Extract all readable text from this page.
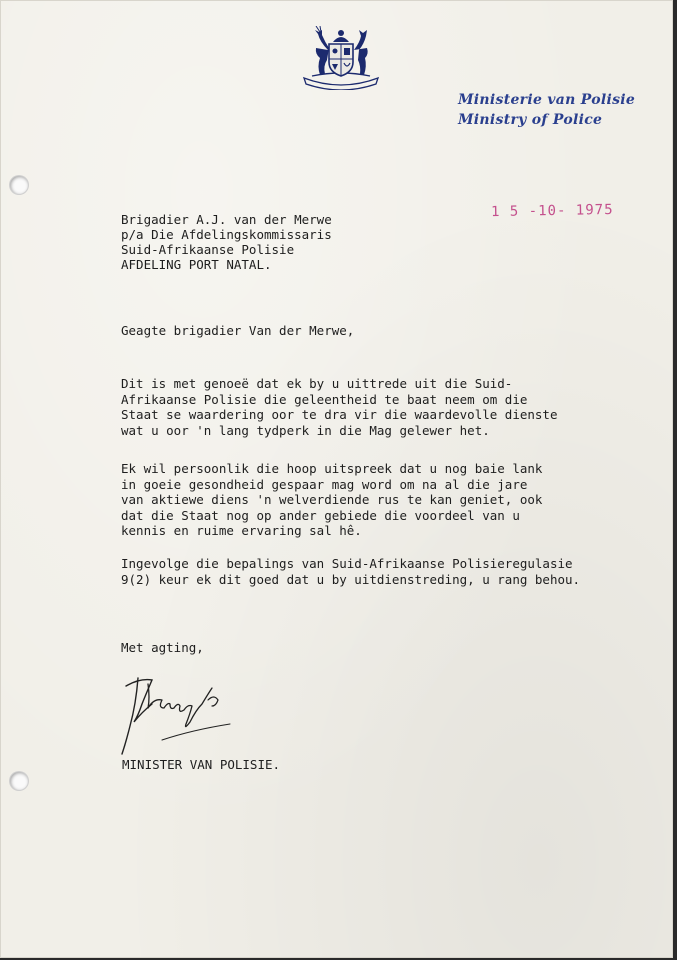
Ministerie van Polisie
Ministry of Police
1 5 -10- 1975
Brigadier A.J. van der Merwe
p/a Die Afdelingskommissaris
Suid-Afrikaanse Polisie
AFDELING PORT NATAL.
Geagte brigadier Van der Merwe,
Dit is met genoeë dat ek by u uittrede uit die Suid-
Afrikaanse Polisie die geleentheid te baat neem om die
Staat se waardering oor te dra vir die waardevolle dienste
wat u oor 'n lang tydperk in die Mag gelewer het.
Ek wil persoonlik die hoop uitspreek dat u nog baie lank
in goeie gesondheid gespaar mag word om na al die jare
van aktiewe diens 'n welverdiende rus te kan geniet, ook
dat die Staat nog op ander gebiede die voordeel van u
kennis en ruime ervaring sal hê.
Ingevolge die bepalings van Suid-Afrikaanse Polisieregulasie
9(2) keur ek dit goed dat u by uitdienstreding, u rang behou.
Met agting,
MINISTER VAN POLISIE.
